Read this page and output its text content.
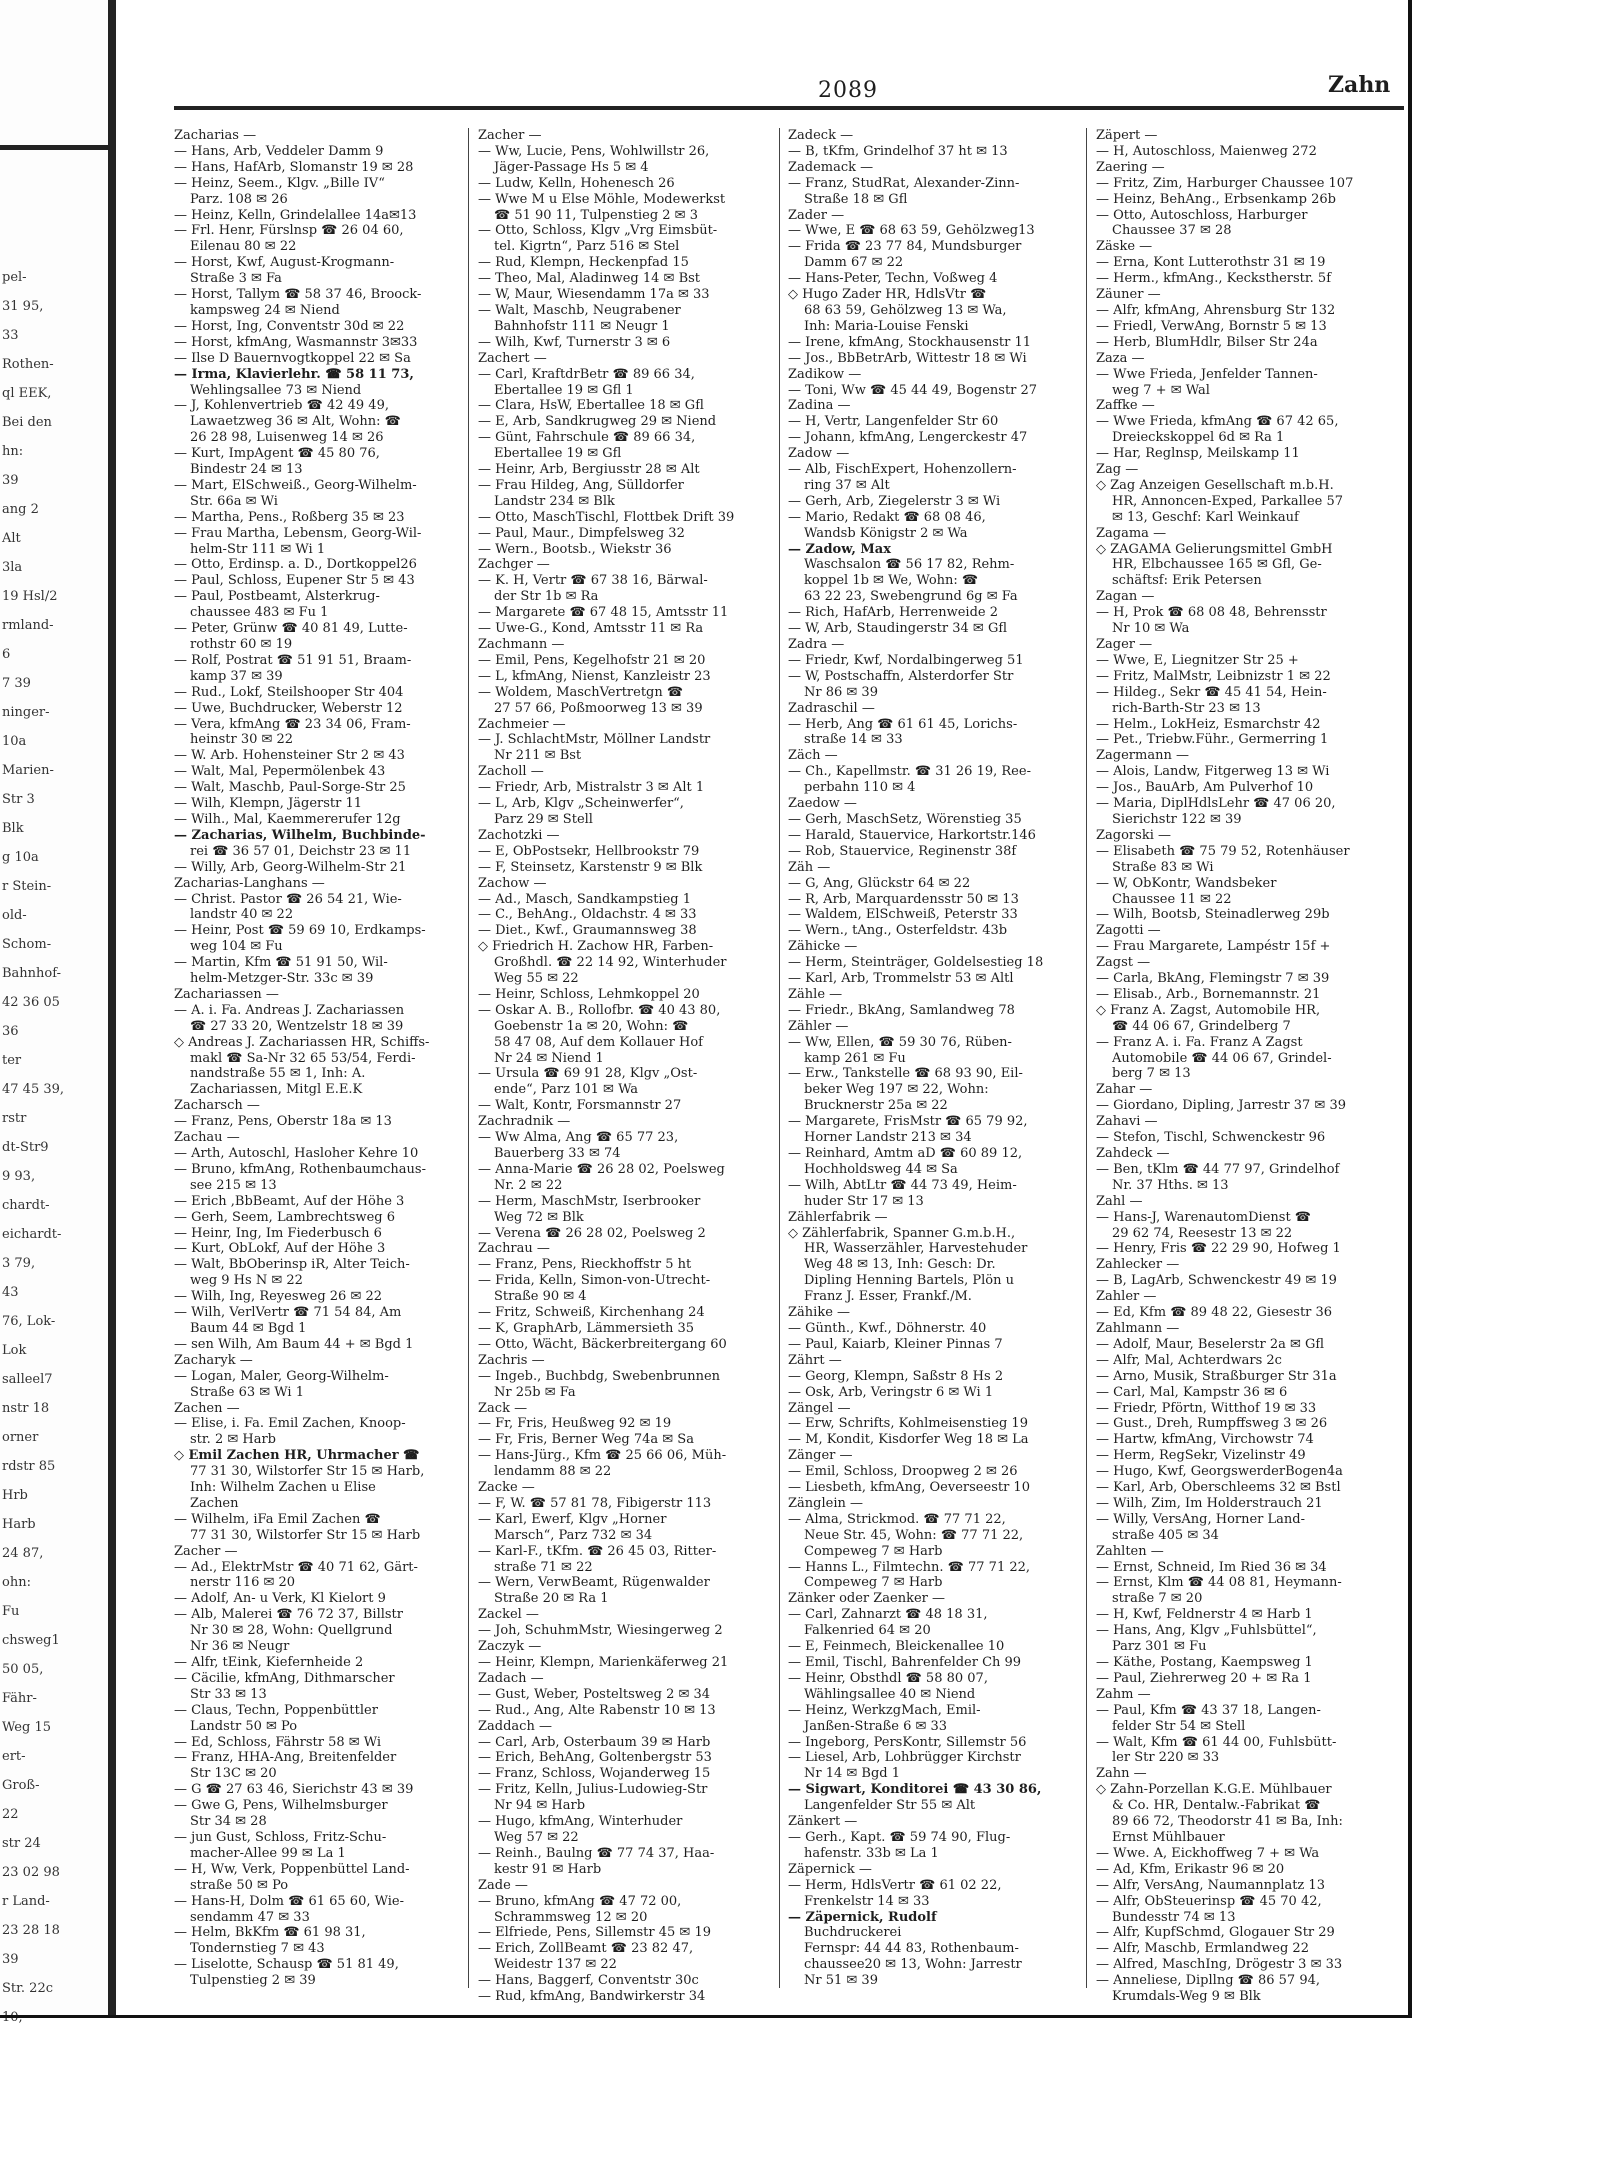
pel-
31 95,
33
Rothen-
ql EEK,
Bei den
hn:
39
ang 2
Alt
3la
19 Hsl/2
rmland-
6
7 39
ninger-
10a
Marien-
Str 3
Blk
g 10a
r Stein-
old-
Schom-
Bahnhof-
42 36 05
36
ter
47 45 39,
rstr
dt-Str9
9 93,
chardt-
eichardt-
3 79,
43
76, Lok-
Lok
salleel7
nstr 18
orner
rdstr 85
Hrb
Harb
24 87,
ohn:
Fu
chsweg1
50 05,
Fähr-
Weg 15
ert-
Groß-
22
str 24
23 02 98
r Land-
23 28 18
39
Str. 22c
2089	Zahn
Zacharias —
— Hans, Arb, Veddeler Damm 9
— Hans, HafArb, Slomanstr 19 ✉ 28
— Heinz, Seem., Klgv. „Bille IV“
Parz. 108 ✉ 26
— Heinz, Kelln, Grindelallee 14a✉13
— Frl. Henr, Fürslnsp ☎ 26 04 60,
Eilenau 80 ✉ 22
— Horst, Kwf, August-Krogmann-
Straße 3 ✉ Fa
— Horst, Tallym ☎ 58 37 46, Broock-
kampsweg 24 ✉ Niend
— Horst, Ing, Conventstr 30d ✉ 22
— Horst, kfmAng, Wasmannstr 3✉33
— Ilse D Bauernvogtkoppel 22 ✉ Sa
— Irma, Klavierlehr. ☎ 58 11 73,
Wehlingsallee 73 ✉ Niend
— J, Kohlenvertrieb ☎ 42 49 49,
Lawaetzweg 36 ✉ Alt, Wohn: ☎
26 28 98, Luisenweg 14 ✉ 26
— Kurt, ImpAgent ☎ 45 80 76,
Bindestr 24 ✉ 13
— Mart, ElSchweiß., Georg-Wilhelm-
Str. 66a ✉ Wi
— Martha, Pens., Roßberg 35 ✉ 23
— Frau Martha, Lebensm, Georg-Wil-
helm-Str 111 ✉ Wi 1
— Otto, Erdinsp. a. D., Dortkoppel26
— Paul, Schloss, Eupener Str 5 ✉ 43
— Paul, Postbeamt, Alsterkrug-
chaussee 483 ✉ Fu 1
— Peter, Grünw ☎ 40 81 49, Lutte-
rothstr 60 ✉ 19
— Rolf, Postrat ☎ 51 91 51, Braam-
kamp 37 ✉ 39
— Rud., Lokf, Steilshooper Str 404
— Uwe, Buchdrucker, Weberstr 12
— Vera, kfmAng ☎ 23 34 06, Fram-
heinstr 30 ✉ 22
— W. Arb. Hohensteiner Str 2 ✉ 43
— Walt, Mal, Pepermölenbek 43
— Walt, Maschb, Paul-Sorge-Str 25
— Wilh, Klempn, Jägerstr 11
— Wilh., Mal, Kaemmererufer 12g
— Zacharias, Wilhelm, Buchbinde-
rei ☎ 36 57 01, Deichstr 23 ✉ 11
— Willy, Arb, Georg-Wilhelm-Str 21
Zacharias-Langhans —
— Christ. Pastor ☎ 26 54 21, Wie-
landstr 40 ✉ 22
— Heinr, Post ☎ 59 69 10, Erdkamps-
weg 104 ✉ Fu
— Martin, Kfm ☎ 51 91 50, Wil-
helm-Metzger-Str. 33c ✉ 39
Zachariassen —
— A. i. Fa. Andreas J. Zachariassen
☎ 27 33 20, Wentzelstr 18 ✉ 39
◇ Andreas J. Zachariassen HR, Schiffs-
makl ☎ Sa-Nr 32 65 53/54, Ferdi-
nandstraße 55 ✉ 1, Inh: A.
Zachariassen, Mitgl E.E.K
Zacharsch —
— Franz, Pens, Oberstr 18a ✉ 13
Zachau —
— Arth, Autoschl, Hasloher Kehre 10
— Bruno, kfmAng, Rothenbaumchaus-
see 215 ✉ 13
— Erich ,BbBeamt, Auf der Höhe 3
— Gerh, Seem, Lambrechtsweg 6
— Heinr, Ing, Im Fiederbusch 6
— Kurt, ObLokf, Auf der Höhe 3
— Walt, BbOberinsp iR, Alter Teich-
weg 9 Hs N ✉ 22
— Wilh, Ing, Reyesweg 26 ✉ 22
— Wilh, VerlVertr ☎ 71 54 84, Am
Baum 44 ✉ Bgd 1
— sen Wilh, Am Baum 44 + ✉ Bgd 1
Zacharyk —
— Logan, Maler, Georg-Wilhelm-
Straße 63 ✉ Wi 1
Zachen —
— Elise, i. Fa. Emil Zachen, Knoop-
str. 2 ✉ Harb
◇ Emil Zachen HR, Uhrmacher ☎
77 31 30, Wilstorfer Str 15 ✉ Harb,
Inh: Wilhelm Zachen u Elise
Zachen
— Wilhelm, iFa Emil Zachen ☎
77 31 30, Wilstorfer Str 15 ✉ Harb
Zacher —
— Ad., ElektrMstr ☎ 40 71 62, Gärt-
nerstr 116 ✉ 20
— Adolf, An- u Verk, Kl Kielort 9
— Alb, Malerei ☎ 76 72 37, Billstr
Nr 30 ✉ 28, Wohn: Quellgrund
Nr 36 ✉ Neugr
— Alfr, tEink, Kiefernheide 2
— Cäcilie, kfmAng, Dithmarscher
Str 33 ✉ 13
— Claus, Techn, Poppenbüttler
Landstr 50 ✉ Po
— Ed, Schloss, Fährstr 58 ✉ Wi
— Franz, HHA-Ang, Breitenfelder
Str 13C ✉ 20
— G ☎ 27 63 46, Sierichstr 43 ✉ 39
— Gwe G, Pens, Wilhelmsburger
Str 34 ✉ 28
— jun Gust, Schloss, Fritz-Schu-
macher-Allee 99 ✉ La 1
— H, Ww, Verk, Poppenbüttel Land-
straße 50 ✉ Po
— Hans-H, Dolm ☎ 61 65 60, Wie-
sendamm 47 ✉ 33
— Helm, BkKfm ☎ 61 98 31,
Tondernstieg 7 ✉ 43
— Liselotte, Schausp ☎ 51 81 49,
Tulpenstieg 2 ✉ 39
Zacher —
— Ww, Lucie, Pens, Wohlwillstr 26,
Jäger-Passage Hs 5 ✉ 4
— Ludw, Kelln, Hohenesch 26
— Wwe M u Else Möhle, Modewerkst
☎ 51 90 11, Tulpenstieg 2 ✉ 3
— Otto, Schloss, Klgv „Vrg Eimsbüt-
tel. Kigrtn“, Parz 516 ✉ Stel
— Rud, Klempn, Heckenpfad 15
— Theo, Mal, Aladinweg 14 ✉ Bst
— W, Maur, Wiesendamm 17a ✉ 33
— Walt, Maschb, Neugrabener
Bahnhofstr 111 ✉ Neugr 1
— Wilh, Kwf, Turnerstr 3 ✉ 6
Zachert —
— Carl, KraftdrBetr ☎ 89 66 34,
Ebertallee 19 ✉ Gfl 1
— Clara, HsW, Ebertallee 18 ✉ Gfl
— E, Arb, Sandkrugweg 29 ✉ Niend
— Günt, Fahrschule ☎ 89 66 34,
Ebertallee 19 ✉ Gfl
— Heinr, Arb, Bergiusstr 28 ✉ Alt
— Frau Hildeg, Ang, Sülldorfer
Landstr 234 ✉ Blk
— Otto, MaschTischl, Flottbek Drift 39
— Paul, Maur., Dimpfelsweg 32
— Wern., Bootsb., Wiekstr 36
Zachger —
— K. H, Vertr ☎ 67 38 16, Bärwal-
der Str 1b ✉ Ra
— Margarete ☎ 67 48 15, Amtsstr 11
— Uwe-G., Kond, Amtsstr 11 ✉ Ra
Zachmann —
— Emil, Pens, Kegelhofstr 21 ✉ 20
— L, kfmAng, Nienst, Kanzleistr 23
— Woldem, MaschVertretgn ☎
27 57 66, Poßmoorweg 13 ✉ 39
Zachmeier —
— J. SchlachtMstr, Möllner Landstr
Nr 211 ✉ Bst
Zacholl —
— Friedr, Arb, Mistralstr 3 ✉ Alt 1
— L, Arb, Klgv „Scheinwerfer“,
Parz 29 ✉ Stell
Zachotzki —
— E, ObPostsekr, Hellbrookstr 79
— F, Steinsetz, Karstenstr 9 ✉ Blk
Zachow —
— Ad., Masch, Sandkampstieg 1
— C., BehAng., Oldachstr. 4 ✉ 33
— Diet., Kwf., Graumannsweg 38
◇ Friedrich H. Zachow HR, Farben-
Großhdl. ☎ 22 14 92, Winterhuder
Weg 55 ✉ 22
— Heinr, Schloss, Lehmkoppel 20
— Oskar A. B., Rollofbr. ☎ 40 43 80,
Goebenstr 1a ✉ 20, Wohn: ☎
58 47 08, Auf dem Kollauer Hof
Nr 24 ✉ Niend 1
— Ursula ☎ 69 91 28, Klgv „Ost-
ende“, Parz 101 ✉ Wa
— Walt, Kontr, Forsmannstr 27
Zachradnik —
— Ww Alma, Ang ☎ 65 77 23,
Bauerberg 33 ✉ 74
— Anna-Marie ☎ 26 28 02, Poelsweg
Nr. 2 ✉ 22
— Herm, MaschMstr, Iserbrooker
Weg 72 ✉ Blk
— Verena ☎ 26 28 02, Poelsweg 2
Zachrau —
— Franz, Pens, Rieckhoffstr 5 ht
— Frida, Kelln, Simon-von-Utrecht-
Straße 90 ✉ 4
— Fritz, Schweiß, Kirchenhang 24
— K, GraphArb, Lämmersieth 35
— Otto, Wächt, Bäckerbreitergang 60
Zachris —
— Ingeb., Buchbdg, Swebenbrunnen
Nr 25b ✉ Fa
Zack —
— Fr, Fris, Heußweg 92 ✉ 19
— Fr, Fris, Berner Weg 74a ✉ Sa
— Hans-Jürg., Kfm ☎ 25 66 06, Müh-
lendamm 88 ✉ 22
Zacke —
— F, W. ☎ 57 81 78, Fibigerstr 113
— Karl, Ewerf, Klgv „Horner
Marsch“, Parz 732 ✉ 34
— Karl-F., tKfm. ☎ 26 45 03, Ritter-
straße 71 ✉ 22
— Wern, VerwBeamt, Rügenwalder
Straße 20 ✉ Ra 1
Zackel —
— Joh, SchuhmMstr, Wiesingerweg 2
Zaczyk —
— Heinr, Klempn, Marienkäferweg 21
Zadach —
— Gust, Weber, Posteltsweg 2 ✉ 34
— Rud., Ang, Alte Rabenstr 10 ✉ 13
Zaddach —
— Carl, Arb, Osterbaum 39 ✉ Harb
— Erich, BehAng, Goltenbergstr 53
— Franz, Schloss, Wojanderweg 15
— Fritz, Kelln, Julius-Ludowieg-Str
Nr 94 ✉ Harb
— Hugo, kfmAng, Winterhuder
Weg 57 ✉ 22
— Reinh., Baulng ☎ 77 74 37, Haa-
kestr 91 ✉ Harb
Zade —
— Bruno, kfmAng ☎ 47 72 00,
Schrammsweg 12 ✉ 20
— Elfriede, Pens, Sillemstr 45 ✉ 19
— Erich, ZollBeamt ☎ 23 82 47,
Weidestr 137 ✉ 22
— Hans, Baggerf, Conventstr 30c
— Rud, kfmAng, Bandwirkerstr 34
Zadeck —
— B, tKfm, Grindelhof 37 ht ✉ 13
Zademack —
— Franz, StudRat, Alexander-Zinn-
Straße 18 ✉ Gfl
Zader —
— Wwe, E ☎ 68 63 59, Gehölzweg13
— Frida ☎ 23 77 84, Mundsburger
Damm 67 ✉ 22
— Hans-Peter, Techn, Voßweg 4
◇ Hugo Zader HR, HdlsVtr ☎
68 63 59, Gehölzweg 13 ✉ Wa,
Inh: Maria-Louise Fenski
— Irene, kfmAng, Stockhausenstr 11
— Jos., BbBetrArb, Wittestr 18 ✉ Wi
Zadikow —
— Toni, Ww ☎ 45 44 49, Bogenstr 27
Zadina —
— H, Vertr, Langenfelder Str 60
— Johann, kfmAng, Lengerckestr 47
Zadow —
— Alb, FischExpert, Hohenzollern-
ring 37 ✉ Alt
— Gerh, Arb, Ziegelerstr 3 ✉ Wi
— Mario, Redakt ☎ 68 08 46,
Wandsb Königstr 2 ✉ Wa
— Zadow, Max
Waschsalon ☎ 56 17 82, Rehm-
koppel 1b ✉ We, Wohn: ☎
63 22 23, Swebengrund 6g ✉ Fa
— Rich, HafArb, Herrenweide 2
— W, Arb, Staudingerstr 34 ✉ Gfl
Zadra —
— Friedr, Kwf, Nordalbingerweg 51
— W, Postschaffn, Alsterdorfer Str
Nr 86 ✉ 39
Zadraschil —
— Herb, Ang ☎ 61 61 45, Lorichs-
straße 14 ✉ 33
Zäch —
— Ch., Kapellmstr. ☎ 31 26 19, Ree-
perbahn 110 ✉ 4
Zaedow —
— Gerh, MaschSetz, Wörenstieg 35
— Harald, Stauervice, Harkortstr.146
— Rob, Stauervice, Reginenstr 38f
Zäh —
— G, Ang, Glückstr 64 ✉ 22
— R, Arb, Marquardensstr 50 ✉ 13
— Waldem, ElSchweiß, Peterstr 33
— Wern., tAng., Osterfeldstr. 43b
Zähicke —
— Herm, Steinträger, Goldelsestieg 18
— Karl, Arb, Trommelstr 53 ✉ Altl
Zähle —
— Friedr., BkAng, Samlandweg 78
Zähler —
— Ww, Ellen, ☎ 59 30 76, Rüben-
kamp 261 ✉ Fu
— Erw., Tankstelle ☎ 68 93 90, Eil-
beker Weg 197 ✉ 22, Wohn:
Brucknerstr 25a ✉ 22
— Margarete, FrisMstr ☎ 65 79 92,
Horner Landstr 213 ✉ 34
— Reinhard, Amtm aD ☎ 60 89 12,
Hochholdsweg 44 ✉ Sa
— Wilh, AbtLtr ☎ 44 73 49, Heim-
huder Str 17 ✉ 13
Zählerfabrik —
◇ Zählerfabrik, Spanner G.m.b.H.,
HR, Wasserzähler, Harvestehuder
Weg 48 ✉ 13, Inh: Gesch: Dr.
Dipling Henning Bartels, Plön u
Franz J. Esser, Frankf./M.
Zähike —
— Günth., Kwf., Döhnerstr. 40
— Paul, Kaiarb, Kleiner Pinnas 7
Zährt —
— Georg, Klempn, Saßstr 8 Hs 2
— Osk, Arb, Veringstr 6 ✉ Wi 1
Zängel —
— Erw, Schrifts, Kohlmeisenstieg 19
— M, Kondit, Kisdorfer Weg 18 ✉ La
Zänger —
— Emil, Schloss, Droopweg 2 ✉ 26
— Liesbeth, kfmAng, Oeverseestr 10
Zänglein —
— Alma, Strickmod. ☎ 77 71 22,
Neue Str. 45, Wohn: ☎ 77 71 22,
Compeweg 7 ✉ Harb
— Hanns L., Filmtechn. ☎ 77 71 22,
Compeweg 7 ✉ Harb
Zänker oder Zaenker —
— Carl, Zahnarzt ☎ 48 18 31,
Falkenried 64 ✉ 20
— E, Feinmech, Bleickenallee 10
— Emil, Tischl, Bahrenfelder Ch 99
— Heinr, Obsthdl ☎ 58 80 07,
Wählingsallee 40 ✉ Niend
— Heinz, WerkzgMach, Emil-
Janßen-Straße 6 ✉ 33
— Ingeborg, PersKontr, Sillemstr 56
— Liesel, Arb, Lohbrügger Kirchstr
Nr 14 ✉ Bgd 1
— Sigwart, Konditorei ☎ 43 30 86,
Langenfelder Str 55 ✉ Alt
Zänkert —
— Gerh., Kapt. ☎ 59 74 90, Flug-
hafenstr. 33b ✉ La 1
Zäpernick —
— Herm, HdlsVertr ☎ 61 02 22,
Frenkelstr 14 ✉ 33
— Zäpernick, Rudolf
Buchdruckerei
Fernspr: 44 44 83, Rothenbaum-
chaussee20 ✉ 13, Wohn: Jarrestr
Nr 51 ✉ 39
Zäpert —
— H, Autoschloss, Maienweg 272
Zaering —
— Fritz, Zim, Harburger Chaussee 107
— Heinz, BehAng., Erbsenkamp 26b
— Otto, Autoschloss, Harburger
Chaussee 37 ✉ 28
Zäske —
— Erna, Kont Lutterothstr 31 ✉ 19
— Herm., kfmAng., Keckstherstr. 5f
Zäuner —
— Alfr, kfmAng, Ahrensburg Str 132
— Friedl, VerwAng, Bornstr 5 ✉ 13
— Herb, BlumHdlr, Bilser Str 24a
Zaza —
— Wwe Frieda, Jenfelder Tannen-
weg 7 + ✉ Wal
Zaffke —
— Wwe Frieda, kfmAng ☎ 67 42 65,
Dreieckskoppel 6d ✉ Ra 1
— Har, Reglnsp, Meilskamp 11
Zag —
◇ Zag Anzeigen Gesellschaft m.b.H.
HR, Annoncen-Exped, Parkallee 57
✉ 13, Geschf: Karl Weinkauf
Zagama —
◇ ZAGAMA Gelierungsmittel GmbH
HR, Elbchaussee 165 ✉ Gfl, Ge-
schäftsf: Erik Petersen
Zagan —
— H, Prok ☎ 68 08 48, Behrensstr
Nr 10 ✉ Wa
Zager —
— Wwe, E, Liegnitzer Str 25 +
— Fritz, MalMstr, Leibnizstr 1 ✉ 22
— Hildeg., Sekr ☎ 45 41 54, Hein-
rich-Barth-Str 23 ✉ 13
— Helm., LokHeiz, Esmarchstr 42
— Pet., Triebw.Führ., Germerring 1
Zagermann —
— Alois, Landw, Fitgerweg 13 ✉ Wi
— Jos., BauArb, Am Pulverhof 10
— Maria, DiplHdlsLehr ☎ 47 06 20,
Sierichstr 122 ✉ 39
Zagorski —
— Elisabeth ☎ 75 79 52, Rotenhäuser
Straße 83 ✉ Wi
— W, ObKontr, Wandsbeker
Chaussee 11 ✉ 22
— Wilh, Bootsb, Steinadlerweg 29b
Zagotti —
— Frau Margarete, Lampéstr 15f +
Zagst —
— Carla, BkAng, Flemingstr 7 ✉ 39
— Elisab., Arb., Bornemannstr. 21
◇ Franz A. Zagst, Automobile HR,
☎ 44 06 67, Grindelberg 7
— Franz A. i. Fa. Franz A Zagst
Automobile ☎ 44 06 67, Grindel-
berg 7 ✉ 13
Zahar —
— Giordano, Dipling, Jarrestr 37 ✉ 39
Zahavi —
— Stefon, Tischl, Schwenckestr 96
Zahdeck —
— Ben, tKlm ☎ 44 77 97, Grindelhof
Nr. 37 Hths. ✉ 13
Zahl —
— Hans-J, WarenautomDienst ☎
29 62 74, Reesestr 13 ✉ 22
— Henry, Fris ☎ 22 29 90, Hofweg 1
Zahlecker —
— B, LagArb, Schwenckestr 49 ✉ 19
Zahler —
— Ed, Kfm ☎ 89 48 22, Giesestr 36
Zahlmann —
— Adolf, Maur, Beselerstr 2a ✉ Gfl
— Alfr, Mal, Achterdwars 2c
— Arno, Musik, Straßburger Str 31a
— Carl, Mal, Kampstr 36 ✉ 6
— Friedr, Pförtn, Witthof 19 ✉ 33
— Gust., Dreh, Rumpffsweg 3 ✉ 26
— Hartw, kfmAng, Virchowstr 74
— Herm, RegSekr, Vizelinstr 49
— Hugo, Kwf, GeorgswerderBogen4a
— Karl, Arb, Oberschleems 32 ✉ Bstl
— Wilh, Zim, Im Holderstrauch 21
— Willy, VersAng, Horner Land-
straße 405 ✉ 34
Zahlten —
— Ernst, Schneid, Im Ried 36 ✉ 34
— Ernst, Klm ☎ 44 08 81, Heymann-
straße 7 ✉ 20
— H, Kwf, Feldnerstr 4 ✉ Harb 1
— Hans, Ang, Klgv „Fuhlsbüttel“,
Parz 301 ✉ Fu
— Käthe, Postang, Kaempsweg 1
— Paul, Ziehrerweg 20 + ✉ Ra 1
Zahm —
— Paul, Kfm ☎ 43 37 18, Langen-
felder Str 54 ✉ Stell
— Walt, Kfm ☎ 61 44 00, Fuhlsbütt-
ler Str 220 ✉ 33
Zahn —
◇ Zahn-Porzellan K.G.E. Mühlbauer
& Co. HR, Dentalw.-Fabrikat ☎
89 66 72, Theodorstr 41 ✉ Ba, Inh:
Ernst Mühlbauer
— Wwe. A, Eickhoffweg 7 + ✉ Wa
— Ad, Kfm, Erikastr 96 ✉ 20
— Alfr, VersAng, Naumannplatz 13
— Alfr, ObSteuerinsp ☎ 45 70 42,
Bundesstr 74 ✉ 13
— Alfr, KupfSchmd, Glogauer Str 29
— Alfr, Maschb, Ermlandweg 22
— Alfred, MaschIng, Drögestr 3 ✉ 33
— Anneliese, Dipllng ☎ 86 57 94,
Krumdals-Weg 9 ✉ Blk
